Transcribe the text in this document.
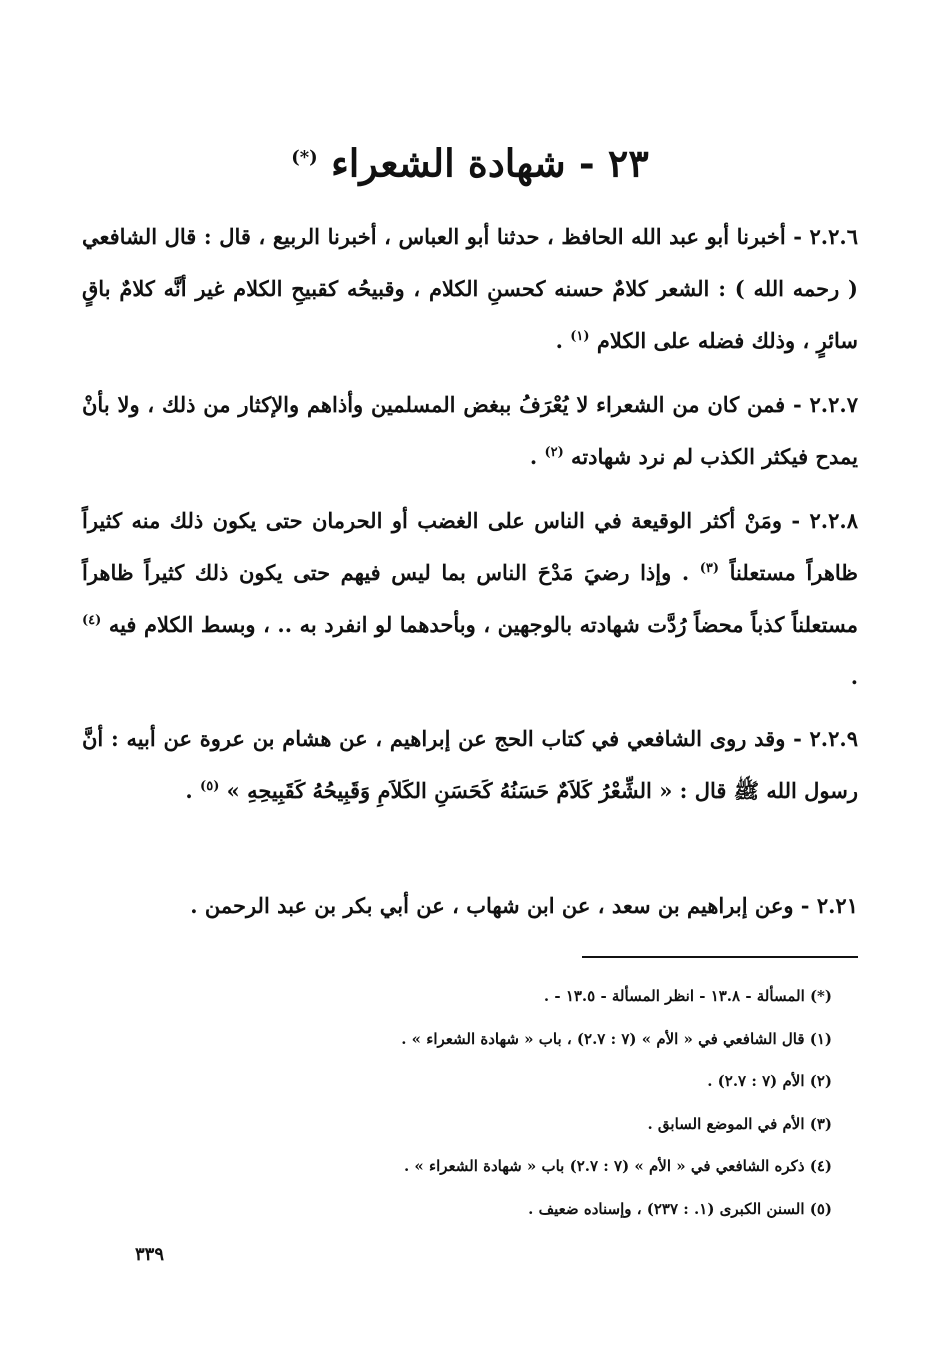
٢٣ - شهادة الشعراء (*)
٢.٢.٦ - أخبرنا أبو عبد الله الحافظ ، حدثنا أبو العباس ، أخبرنا الربيع ، قال : قال الشافعي ( رحمه الله ) : الشعر كلامٌ حسنه كحسنِ الكلام ، وقبيحُه كقبيحِ الكلام غير أنَّه كلامٌ باقٍ سائرٍ ، وذلك فضله على الكلام $^{(١)}$ .
٢.٢.٧ - فمن كان من الشعراء لا يُعْرَفُ ببغض المسلمين وأذاهم والإكثار من ذلك ، ولا بأنْ يمدح فيكثر الكذب لم نرد شهادته $^{(٢)}$ .
٢.٢.٨ - ومَنْ أكثر الوقيعة في الناس على الغضب أو الحرمان حتى يكون ذلك منه كثيراً ظاهراً مستعلناً $^{(٣)}$ . وإذا رضيَ مَدْحَ الناس بما ليس فيهم حتى يكون ذلك كثيراً ظاهراً مستعلناً كذباً محضاً رُدَّت شهادته بالوجهين ، وبأحدهما لو انفرد به .. ، وبسط الكلام فيه $^{(٤)}$ .
٢.٢.٩ - وقد روى الشافعي في كتاب الحج عن إبراهيم ، عن هشام بن عروة عن أبيه : أنَّ رسول الله ﷺ قال : « الشِّعْرُ كَلاَمٌ حَسَنُهُ كَحَسَنِ الكَلاَمِ وَقَبِيحُهُ كَقَبِيحِهِ » $^{(٥)}$ .
٢.٢١ - وعن إبراهيم بن سعد ، عن ابن شهاب ، عن أبي بكر بن عبد الرحمن .
(*) المسألة - ١٣.٨ - انظر المسألة - ١٣.٥ - .
(١) قال الشافعي في « الأم » (٧ : ٢.٧) ، باب « شهادة الشعراء » .
(٢) الأم (٧ : ٢.٧) .
(٣) الأم في الموضع السابق .
(٤) ذكره الشافعي في « الأم » (٧ : ٢.٧) باب « شهادة الشعراء » .
(٥) السنن الكبرى (١. : ٢٣٧) ، وإسناده ضعيف .
٣٣٩
